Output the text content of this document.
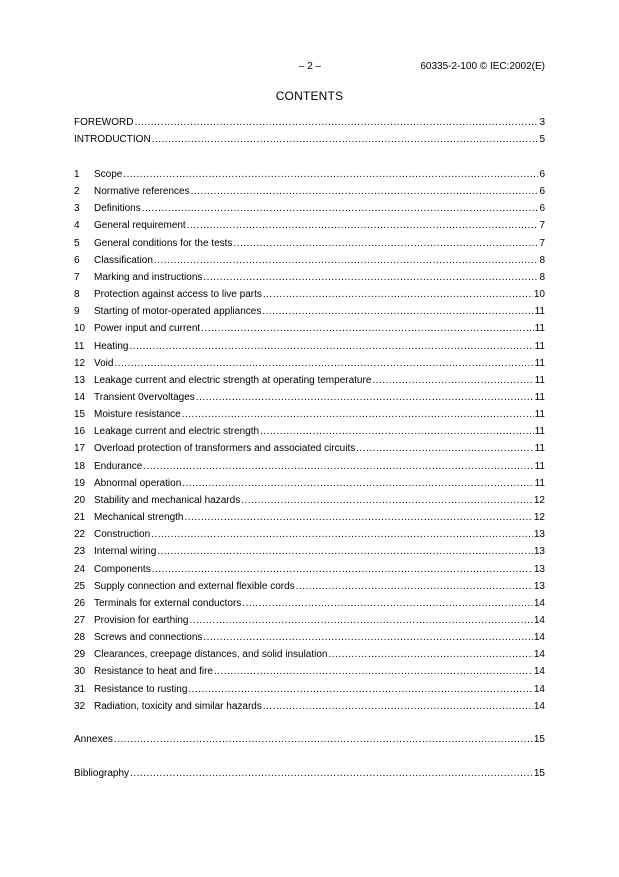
– 2 –	60335-2-100 © IEC:2002(E)
CONTENTS
FOREWORD .....	3
INTRODUCTION .....	5
1	Scope .....	6
2	Normative references .....	6
3	Definitions .....	6
4	General requirement .....	7
5	General conditions for the tests .....	7
6	Classification .....	8
7	Marking and instructions .....	8
8	Protection against access to live parts .....	10
9	Starting of motor-operated appliances .....	11
10 Power input and current .....	11
11 Heating .....	11
12 Void .....	11
13 Leakage current and electric strength at operating temperature .....	11
14 Transient 0vervoltages .....	11
15 Moisture resistance .....	11
16 Leakage current and electric strength .....	11
17 Overload protection of transformers and associated circuits .....	11
18 Endurance .....	11
19 Abnormal operation .....	11
20 Stability and mechanical hazards .....	12
21 Mechanical strength .....	12
22 Construction .....	13
23 Internal wiring .....	13
24 Components .....	13
25 Supply connection and external flexible cords .....	13
26 Terminals for external conductors .....	14
27 Provision for earthing .....	14
28 Screws and connections .....	14
29 Clearances, creepage distances, and solid insulation .....	14
30 Resistance to heat and fire .....	14
31 Resistance to rusting .....	14
32 Radiation, toxicity and similar hazards .....	14
Annexes .....	15
Bibliography .....	15
